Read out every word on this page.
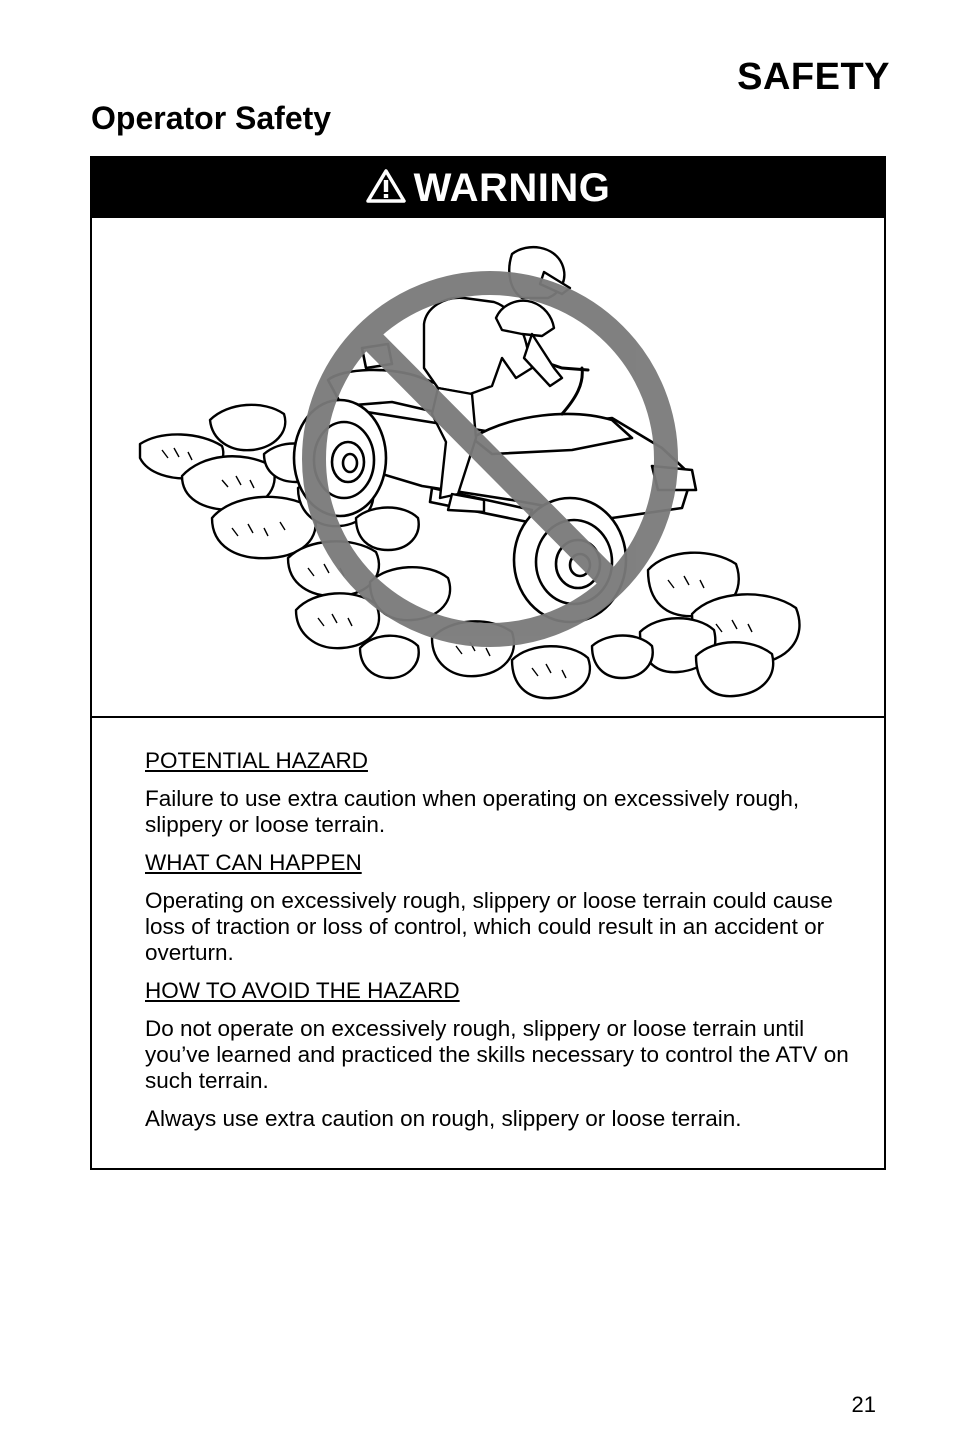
SAFETY
Operator Safety
WARNING

POTENTIAL HAZARD

Failure to use extra caution when operating on excessively rough, slippery or loose terrain.

WHAT CAN HAPPEN

Operating on excessively rough, slippery or loose terrain could cause loss of traction or loss of control, which could result in an accident or overturn.

HOW TO AVOID THE HAZARD

Do not operate on excessively rough, slippery or loose terrain until you’ve learned and practiced the skills necessary to control the ATV on such terrain.

Always use extra caution on rough, slippery or loose terrain.

21
